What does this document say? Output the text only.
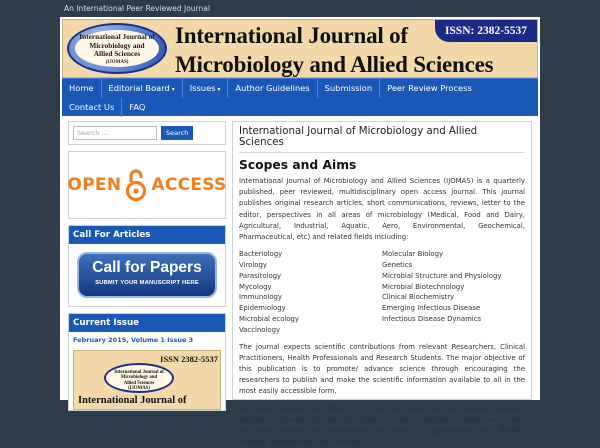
An International Peer Reviewed Journal
International Journal of
Microbiology and
Allied Sciences
(IJOMAS)
International Journal of
Microbiology and Allied Sciences
ISSN: 2382-5537
Home	Editorial Board ▾	Issues ▾	Author Guidelines	Submission	Peer Review Process
Contact Us	FAQ
Search ...	Search
OPEN ACCESS
Call For Articles
Call for Papers
SUBMIT YOUR MANUSCRIPT HERE
Current Issue
February 2015, Volume 1 Issue 3
ISSN 2382-5537
International Journal of
Microbiology and
Allied Sciences
(IJOMAS)
International Journal of
International Journal of Microbiology and Allied Sciences
Scopes and Aims

International Journal of Microbiology and Allied Sciences (IJOMAS) is a quarterly published, peer reviewed, multidisciplinary open access journal. This journal publishes original research articles, short communications, reviews, letter to the editor, perspectives in all areas of microbiology (Medical, Food and Dairy, Agricultural, Industrial, Aquatic, Aero, Environmental, Geochemical, Pharmaceutical, etc) and related fields including:

Bacteriology
Virology
Parasitology
Mycology
Immunology
Epidemiology
Microbial ecology
Vaccinology
Molecular Biology
Genetics
Microbial Structure and Physiology
Microbial Biotechnology
Clinical Biochemistry
Emerging Infectious Disease
Infectious Disease Dynamics

The journal expects scientific contributions from relevant Researchers, Clinical Practitioners, Health Professionals and Research Students. The major objective of this publication is to promote/ advance science through encouraging the researchers to publish and make the scientific information available to all in the most easily accessible form.

All works published by IJOMAS are under the terms of the Creative Commons Attribution License. This permits anyone to copy, distribute, transmit and adopt the work, provided the original work and source is appropriately cited. IJOMAS strongly supports the Open Access
